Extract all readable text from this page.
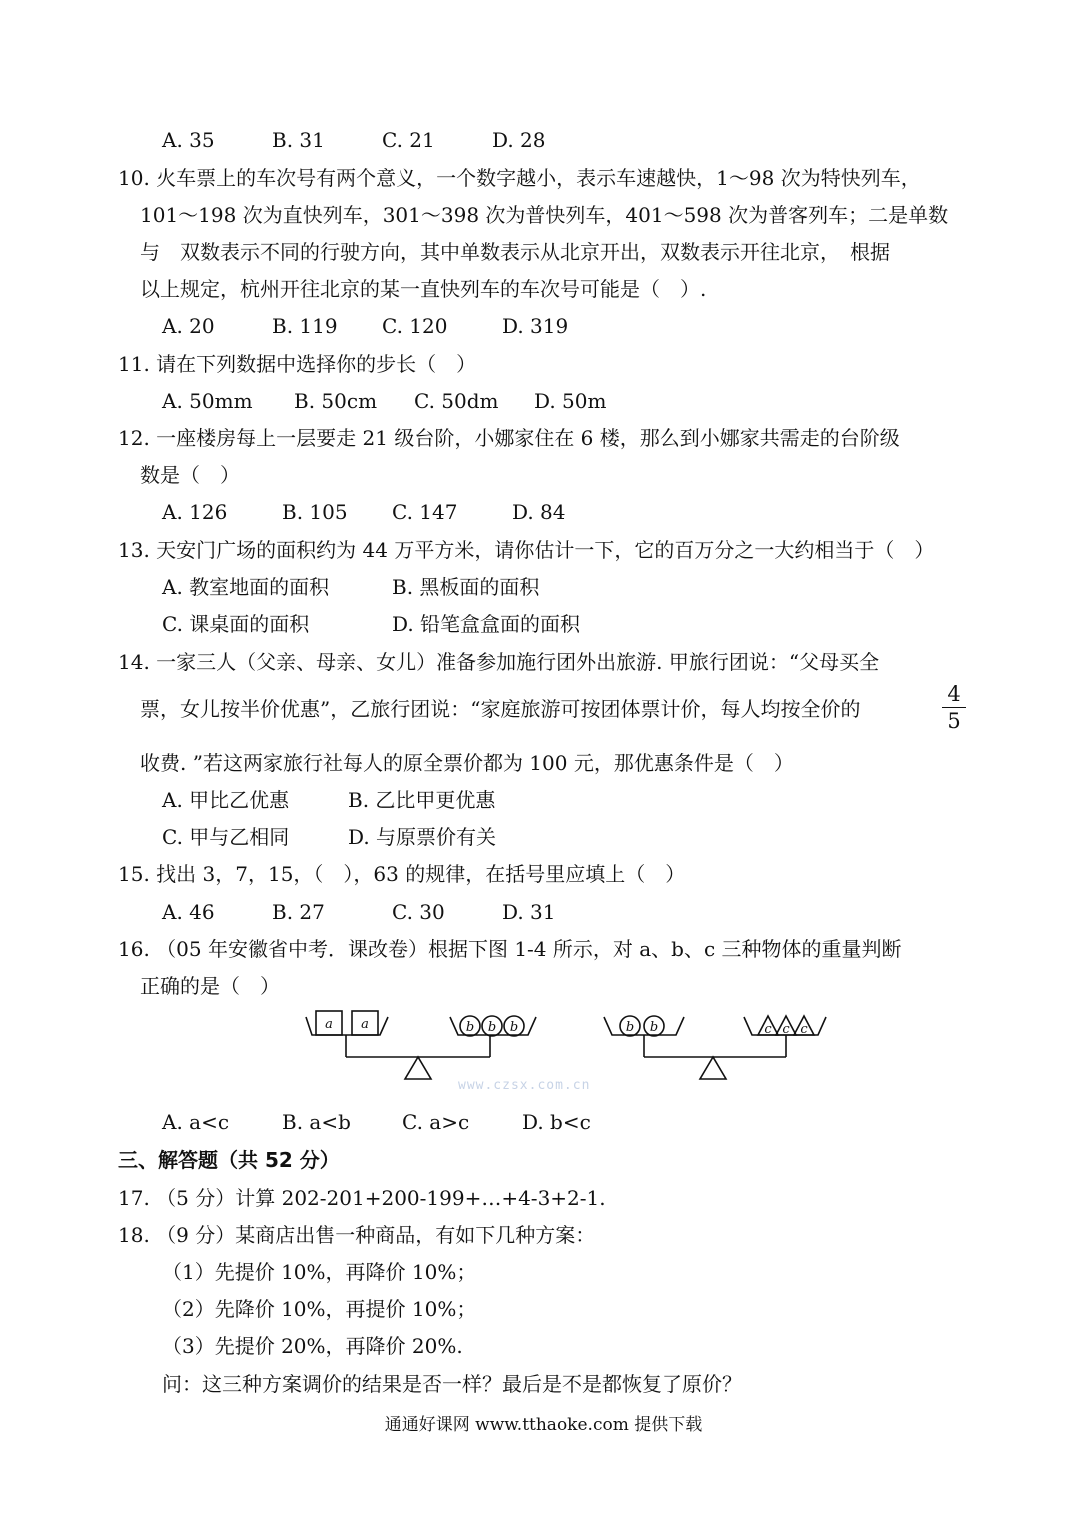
A. 35	B. 31	C. 21	D. 28
10. 火车票上的车次号有两个意义，一个数字越小，表示车速越快，1～98 次为特快列车，
101～198 次为直快列车，301～398 次为普快列车，401～598 次为普客列车；二是单数
与　双数表示不同的行驶方向，其中单数表示从北京开出，双数表示开往北京，　根据
以上规定，杭州开往北京的某一直快列车的车次号可能是（　）.
A. 20	B. 119	C. 120	D. 319
11. 请在下列数据中选择你的步长（　）
A. 50mm	B. 50cm	C. 50dm	D. 50m
12. 一座楼房每上一层要走 21 级台阶，小娜家住在 6 楼，那么到小娜家共需走的台阶级
数是（　）
A. 126	B. 105	C. 147	D. 84
13. 天安门广场的面积约为 44 万平方米，请你估计一下，它的百万分之一大约相当于（　）
A. 教室地面的面积	B. 黑板面的面积
C. 课桌面的面积	D. 铅笔盒盒面的面积
14. 一家三人（父亲、母亲、女儿）准备参加施行团外出旅游. 甲旅行团说：“父母买全
票，女儿按半价优惠”，乙旅行团说：“家庭旅游可按团体票计价，每人均按全价的
4
5
收费. ”若这两家旅行社每人的原全票价都为 100 元，那优惠条件是（　）
A. 甲比乙优惠	B. 乙比甲更优惠
C. 甲与乙相同	D. 与原票价有关
15. 找出 3，7，15，（　），63 的规律，在括号里应填上（　）
A. 46	B. 27	C. 30	D. 31
16. （05 年安徽省中考．课改卷）根据下图 1-4 所示，对 a、b、c 三种物体的重量判断
正确的是（　）
a a	b b b	b b	c c c
www.czsx.com.cn
A. a<c	B. a<b	C. a>c	D. b<c
三、解答题（共 52 分）
17. （5 分）计算 202-201+200-199+…+4-3+2-1.
18. （9 分）某商店出售一种商品，有如下几种方案：
（1）先提价 10%，再降价 10%；
（2）先降价 10%，再提价 10%；
（3）先提价 20%，再降价 20%.
问：这三种方案调价的结果是否一样？最后是不是都恢复了原价？
通通好课网 www.tthaoke.com 提供下载
